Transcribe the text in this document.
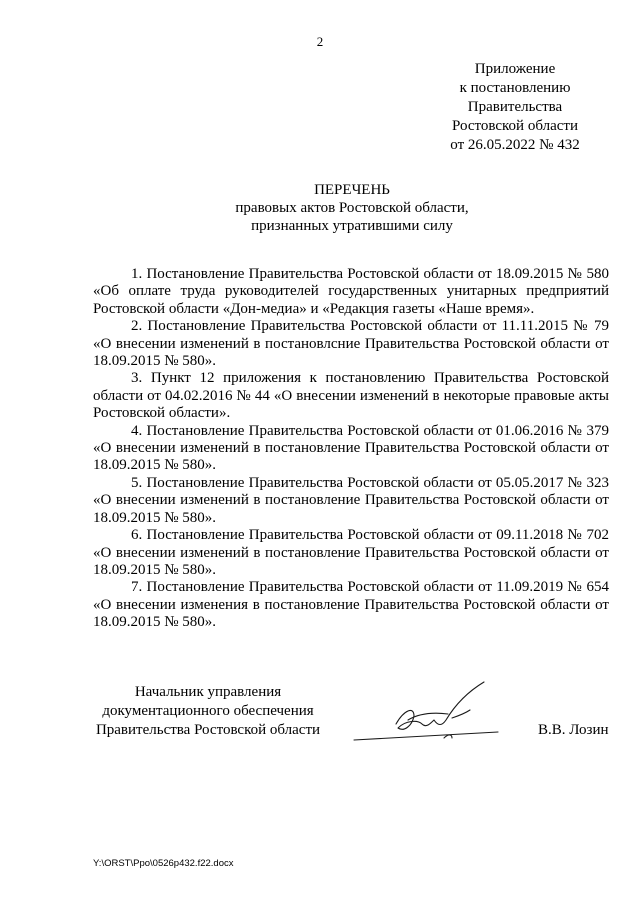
2
Приложение
к постановлению
Правительства
Ростовской области
от 26.05.2022 № 432
ПЕРЕЧЕНЬ
правовых актов Ростовской области,
признанных утратившими силу
1. Постановление Правительства Ростовской области от 18.09.2015 № 580 «Об оплате труда руководителей государственных унитарных предприятий Ростовской области «Дон-медиа» и «Редакция газеты «Наше время».
2. Постановление Правительства Ростовской области от 11.11.2015 № 79 «О внесении изменений в постановлсние Правительства Ростовской области от 18.09.2015 № 580».
3. Пункт 12 приложения к постановлению Правительства Ростовской области от 04.02.2016 № 44 «О внесении изменений в некоторые правовые акты Ростовской области».
4. Постановление Правительства Ростовской области от 01.06.2016 № 379 «О внесении изменений в постановление Правительства Ростовской области от 18.09.2015 № 580».
5. Постановление Правительства Ростовской области от 05.05.2017 № 323 «О внесении изменений в постановление Правительства Ростовской области от 18.09.2015 № 580».
6. Постановление Правительства Ростовской области от 09.11.2018 № 702 «О внесении изменений в постановление Правительства Ростовской области от 18.09.2015 № 580».
7. Постановление Правительства Ростовской области от 11.09.2019 № 654 «О внесении изменения в постановление Правительства Ростовской области от 18.09.2015 № 580».
Начальник управления
документационного обеспечения
Правительства Ростовской области	В.В. Лозин
Y:\ORST\Ppo\0526p432.f22.docx
